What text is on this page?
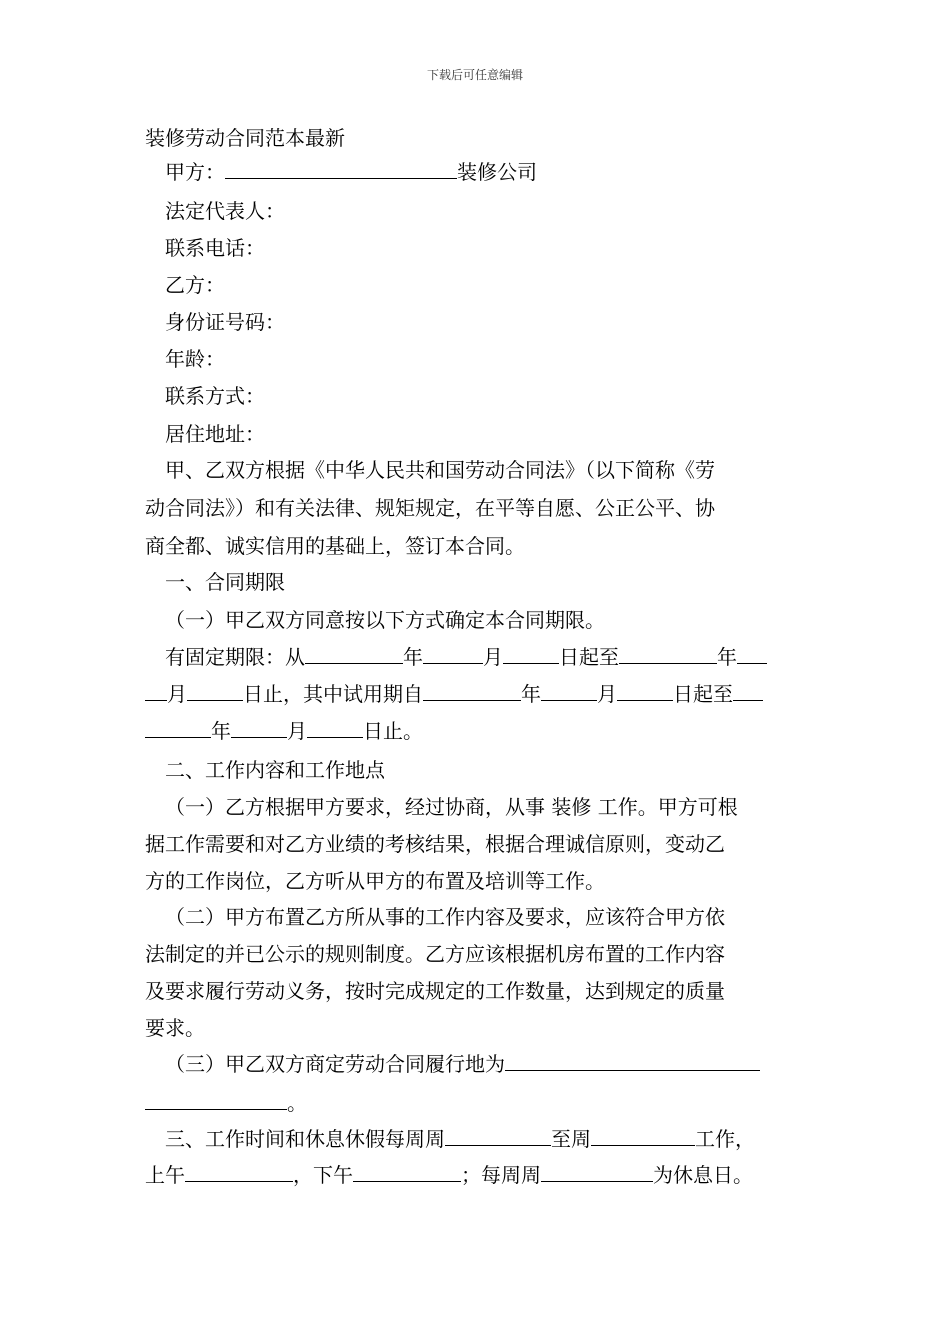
下载后可任意编辑
装修劳动合同范本最新
甲方：	装修公司
法定代表人：
联系电话：
乙方：
身份证号码：
年龄：
联系方式：
居住地址：
甲、乙双方根据《中华人民共和国劳动合同法》（以下简称《劳
动合同法》）和有关法律、规矩规定，在平等自愿、公正公平、协
商全都、诚实信用的基础上，签订本合同。
一、合同期限
（一）甲乙双方同意按以下方式确定本合同期限。
有固定期限：从	年	月	日起至	年
月	日止，其中试用期自	年	月	日起至
年	月	日止。
二、工作内容和工作地点
（一）乙方根据甲方要求，经过协商，从事 装修 工作。甲方可根
据工作需要和对乙方业绩的考核结果，根据合理诚信原则，变动乙
方的工作岗位，乙方听从甲方的布置及培训等工作。
（二）甲方布置乙方所从事的工作内容及要求，应该符合甲方依
法制定的并已公示的规则制度。乙方应该根据机房布置的工作内容
及要求履行劳动义务，按时完成规定的工作数量，达到规定的质量
要求。
（三）甲乙双方商定劳动合同履行地为
。
三、工作时间和休息休假每周周	至周	工作，
上午	，下午	；每周周	为休息日。
